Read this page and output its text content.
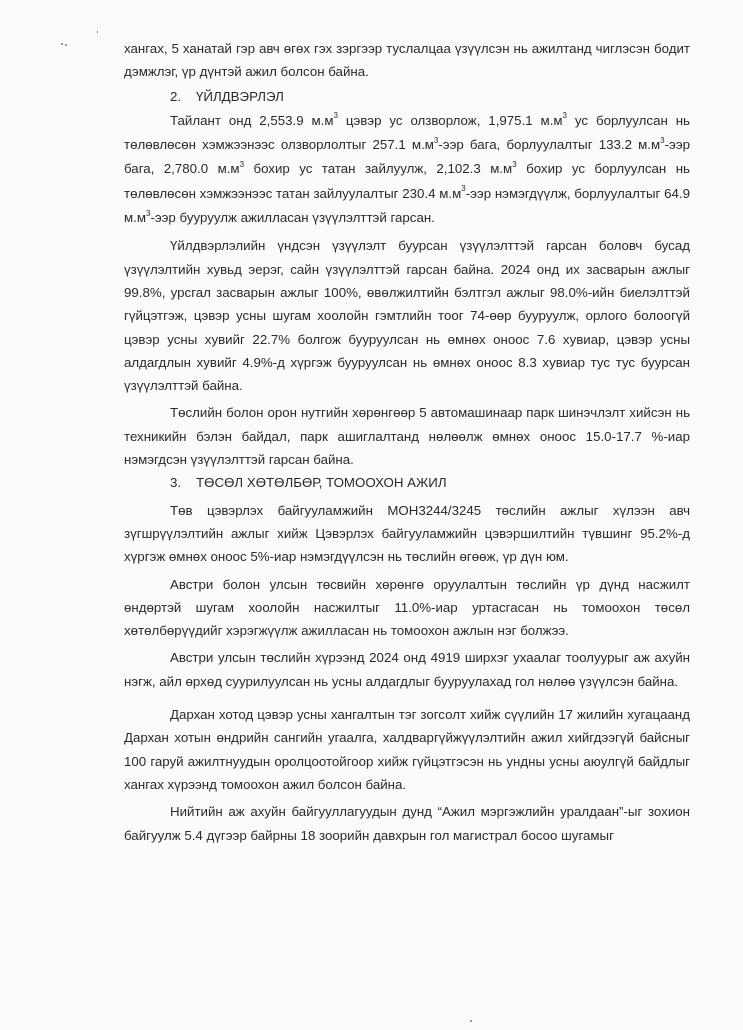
хангах, 5 ханатай гэр авч өгөх гэх зэргээр туслалцаа үзүүлсэн нь ажилтанд чиглэсэн бодит дэмжлэг, үр дүнтэй ажил болсон байна.

2. ҮЙЛДВЭРЛЭЛ

Тайлант онд 2,553.9 $м.м^3$ цэвэр ус олзворлож, 1,975.1 $м.м^3$ ус борлуулсан нь төлөвлөсөн хэмжээнээс олзворлолтыг 257.1 $м.м^3$-ээр бага, борлуулалтыг 133.2 $м.м^3$-ээр бага, 2,780.0 $м.м^3$ бохир ус татан зайлуулж, 2,102.3 $м.м^3$ бохир ус борлуулсан нь төлөвлөсөн хэмжээнээс татан зайлуулалтыг 230.4 $м.м^3$-ээр нэмэгдүүлж, борлуулалтыг 64.9 $м.м^3$-ээр бууруулж ажилласан үзүүлэлттэй гарсан.

Үйлдвэрлэлийн үндсэн үзүүлэлт буурсан үзүүлэлттэй гарсан боловч бусад үзүүлэлтийн хувьд эерэг, сайн үзүүлэлттэй гарсан байна. 2024 онд их засварын ажлыг 99.8%, урсгал засварын ажлыг 100%, өвөлжилтийн бэлтгэл ажлыг 98.0%-ийн биелэлттэй гүйцэтгэж, цэвэр усны шугам хоолойн гэмтлийн тоог 74-өөр бууруулж, орлого болоогүй цэвэр усны хувийг 22.7% болгож бууруулсан нь өмнөх оноос 7.6 хувиар, цэвэр усны алдагдлын хувийг 4.9%-д хүргэж бууруулсан нь өмнөх оноос 8.3 хувиар тус тус буурсан үзүүлэлттэй байна.

Төслийн болон орон нутгийн хөрөнгөөр 5 автомашинаар парк шинэчлэлт хийсэн нь техникийн бэлэн байдал, парк ашиглалтанд нөлөөлж өмнөх оноос 15.0-17.7 %-иар нэмэгдсэн үзүүлэлттэй гарсан байна.

3. ТӨСӨЛ ХӨТӨЛБӨР, ТОМООХОН АЖИЛ

Төв цэвэрлэх байгууламжийн МОН3244/3245 төслийн ажлыг хүлээн авч зүгшрүүлэлтийн ажлыг хийж Цэвэрлэх байгууламжийн цэвэршилтийн түвшинг 95.2%-д хүргэж өмнөх оноос 5%-иар нэмэгдүүлсэн нь төслийн өгөөж, үр дүн юм.

Австри болон улсын төсвийн хөрөнгө оруулалтын төслийн үр дүнд насжилт өндөртэй шугам хоолойн насжилтыг 11.0%-иар уртасгасан нь томоохон төсөл хөтөлбөрүүдийг хэрэгжүүлж ажилласан нь томоохон ажлын нэг болжээ.

Австри улсын төслийн хүрээнд 2024 онд 4919 ширхэг ухаалаг тоолуурыг аж ахуйн нэгж, айл өрхөд суурилуулсан нь усны алдагдлыг бууруулахад гол нөлөө үзүүлсэн байна.

Дархан хотод цэвэр усны хангалтын тэг зогсолт хийж сүүлийн 17 жилийн хугацаанд Дархан хотын өндрийн сангийн угаалга, халдваргүйжүүлэлтийн ажил хийгдээгүй байсныг 100 гаруй ажилтнуудын оролцоотойгоор хийж гүйцэтгэсэн нь ундны усны аюулгүй байдлыг хангах хүрээнд томоохон ажил болсон байна.

Нийтийн аж ахуйн байгууллагуудын дунд “Ажил мэргэжлийн уралдаан”-ыг зохион байгуулж 5.4 дүгээр байрны 18 зоорийн давхрын гол магистрал босоо шугамыг
